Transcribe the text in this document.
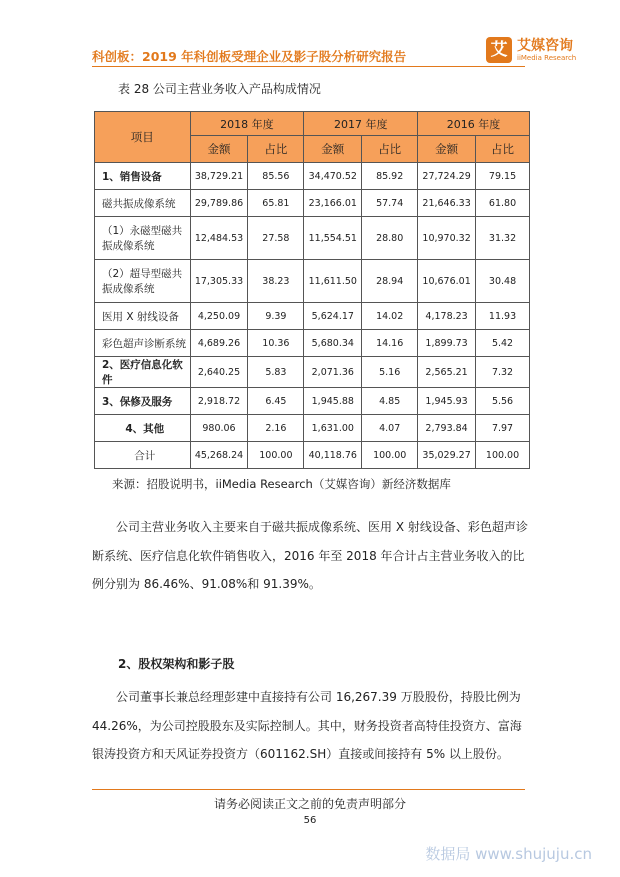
科创板：2019 年科创板受理企业及影子股分析研究报告	艾 艾媒咨询
iiMedia Research
表 28 公司主营业务收入产品构成情况
项目	2018 年度		2017 年度		2016 年度	
	金额	占比	金额	占比	金额	占比
1、销售设备	38,729.21	85.56	34,470.52	85.92	27,724.29	79.15
磁共振成像系统	29,789.86	65.81	23,166.01	57.74	21,646.33	61.80
（1）永磁型磁共振成像系统	12,484.53	27.58	11,554.51	28.80	10,970.32	31.32
（2）超导型磁共振成像系统	17,305.33	38.23	11,611.50	28.94	10,676.01	30.48
医用 X 射线设备	4,250.09	9.39	5,624.17	14.02	4,178.23	11.93
彩色超声诊断系统	4,689.26	10.36	5,680.34	14.16	1,899.73	5.42
2、医疗信息化软件	2,640.25	5.83	2,071.36	5.16	2,565.21	7.32
3、保修及服务	2,918.72	6.45	1,945.88	4.85	1,945.93	5.56
4、其他	980.06	2.16	1,631.00	4.07	2,793.84	7.97
合计	45,268.24	100.00	40,118.76	100.00	35,029.27	100.00
来源：招股说明书，iiMedia Research（艾媒咨询）新经济数据库
公司主营业务收入主要来自于磁共振成像系统、医用 X 射线设备、彩色超声诊断系统、医疗信息化软件销售收入，2016 年至 2018 年合计占主营业务收入的比例分别为 86.46%、91.08%和 91.39%。
2、股权架构和影子股
公司董事长兼总经理彭建中直接持有公司 16,267.39 万股股份，持股比例为 44.26%，为公司控股股东及实际控制人。其中，财务投资者高特佳投资方、富海银涛投资方和天风证券投资方（601162.SH）直接或间接持有 5% 以上股份。
请务必阅读正文之前的免责声明部分
56
数据局 www.shujuju.cn
